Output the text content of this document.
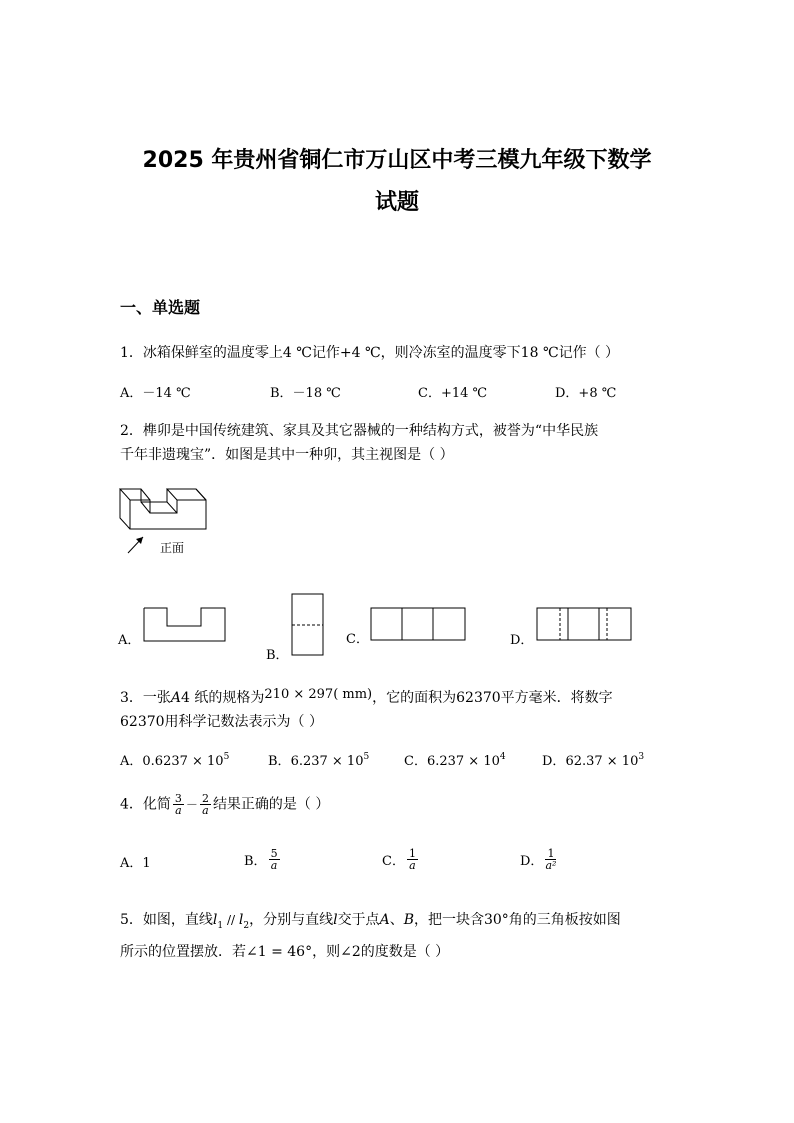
2025 年贵州省铜仁市万山区中考三模九年级下数学
试题
一、单选题
1．冰箱保鲜室的温度零上4 ℃记作+4 ℃，则冷冻室的温度零下18 ℃记作（ ）
A．－14 ℃	B．－18 ℃	C．+14 ℃	D．+8 ℃
2．榫卯是中国传统建筑、家具及其它器械的一种结构方式，被誉为“中华民族
千年非遗瑰宝”．如图是其中一种卯，其主视图是（ ）
正面
A．
B．
C．	D．
3．一张A4 纸的规格为210 × 297( mm)，它的面积为62370平方毫米．将数字
62370用科学记数法表示为（ ）
A．$0.6237 \times 10^5$	B．$6.237 \times 10^5$	C．$6.237 \times 10^4$	D．$62.37 \times 10^3$
4．化简 $\frac{3}{a} - \frac{2}{a}$ 结果正确的是（ ）
A．1	B． $\frac{5}{a}$	C． $\frac{1}{a}$	D． $\frac{1}{\text{a²}}$
5．如图，直线$l_1 // l_2$，分别与直线l交于点A、B，把一块含30°角的三角板按如图
所示的位置摆放．若∠1 = 46°，则∠2的度数是（ ）
